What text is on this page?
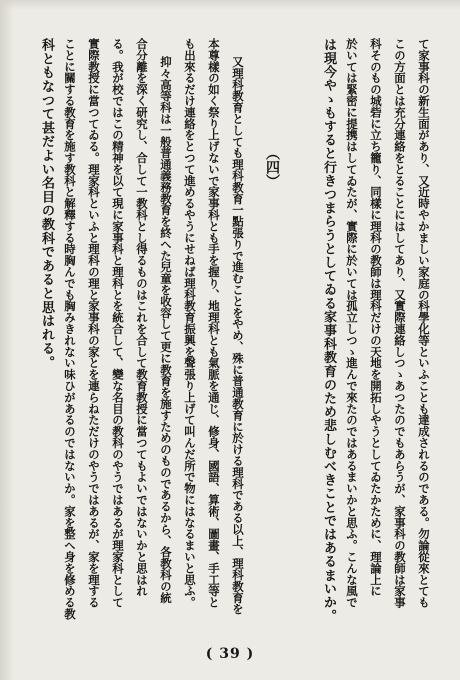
て家事科の新生面があり、又近時やかましい家庭の科學化等といふことも達成されるのである。勿論從來とても
この方面とは充分連絡をとることにはしてあり、又實際連絡しつゝあつたのでもあらうが、家事科の教師は家事
科そのもの城砦に立ち籠り、同樣に理科の教師は理科だけの天地を開拓しやうとしてゐたかために、理論上に
於いては緊密に提携はしてゐたが、實際に於いては孤立しつゝ進んで來たのではあるまいかと思ふ。こんな風で
は現今やゝもすると行きつまらうとしてゐる家事科教育のため悲しむべきことではあるまいか。
（四）
又理科教育としても理科教育一點張りで進むことをやめ、殊に普通教育に於ける理科である以上、理科教育を
本尊樣の如く祭り上げないで家事科とも手を握り、地理科とも氣脈を通じ、修身、國語、算術、圖畫、手工等と
も出來るだけ連絡をとつて進めるやうにせねば理科教育振興を聲張り上げて叫んだ所で物にはなるまいと思ふ。
抑々高等科は一般普通義務教育を終へた兒童を收容して更に教育を施すためのものであるから、各教科の統
合分離を深く研究し、合して一教科とし得るものはこれを合して教育教授に當つてもよいではないかと思はれ
る。我が校ではこの精神を以て現に家事科と理科とを統合して、變な名目の教科のやうではあるが理家科として
實際教授に當つてゐる。理家科といふと理科の理と家事科の家とを連らねただけのやうではあるが、家を理する
ことに關する教育を施す教科と解釋する時胸んでも胸みきれない味ひがあるのではないか。家を整へ身を修める教
科ともなつて甚だよい名目の教科であると思はれる。
( 39 )
